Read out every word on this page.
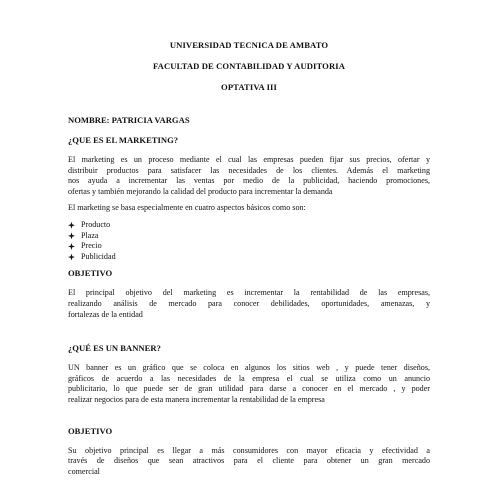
UNIVERSIDAD TECNICA DE AMBATO
FACULTAD DE CONTABILIDAD Y AUDITORIA
OPTATIVA III
NOMBRE: PATRICIA VARGAS
¿QUE ES EL MARKETING?
El marketing es un proceso mediante el cual las empresas pueden fijar sus precios, ofertar y
distribuir productos para satisfacer las necesidades de los clientes. Además el marketing
nos ayuda a incrementar las ventas por medio de la publicidad, haciendo promociones,
ofertas y también mejorando la calidad del producto para incrementar la demanda
El marketing se basa especialmente en cuatro aspectos básicos como son:
Producto
Plaza
Precio
Publicidad
OBJETIVO
El principal objetivo del marketing es incrementar la rentabilidad de las empresas,
realizando análisis de mercado para conocer debilidades, oportunidades, amenazas, y
fortalezas de la entidad
¿QUÉ ES UN BANNER?
UN banner es un gráfico que se coloca en algunos los sitios web , y puede tener diseños,
gráficos de acuerdo a las necesidades de la empresa el cual se utiliza como un anuncio
publicitario, lo que puede ser de gran utilidad para darse a conocer en el mercado , y poder
realizar negocios para de esta manera incrementar la rentabilidad de la empresa
OBJETIVO
Su objetivo principal es llegar a más consumidores con mayor eficacia y efectividad a
través de diseños que sean atractivos para el cliente para obtener un gran mercado
comercial
